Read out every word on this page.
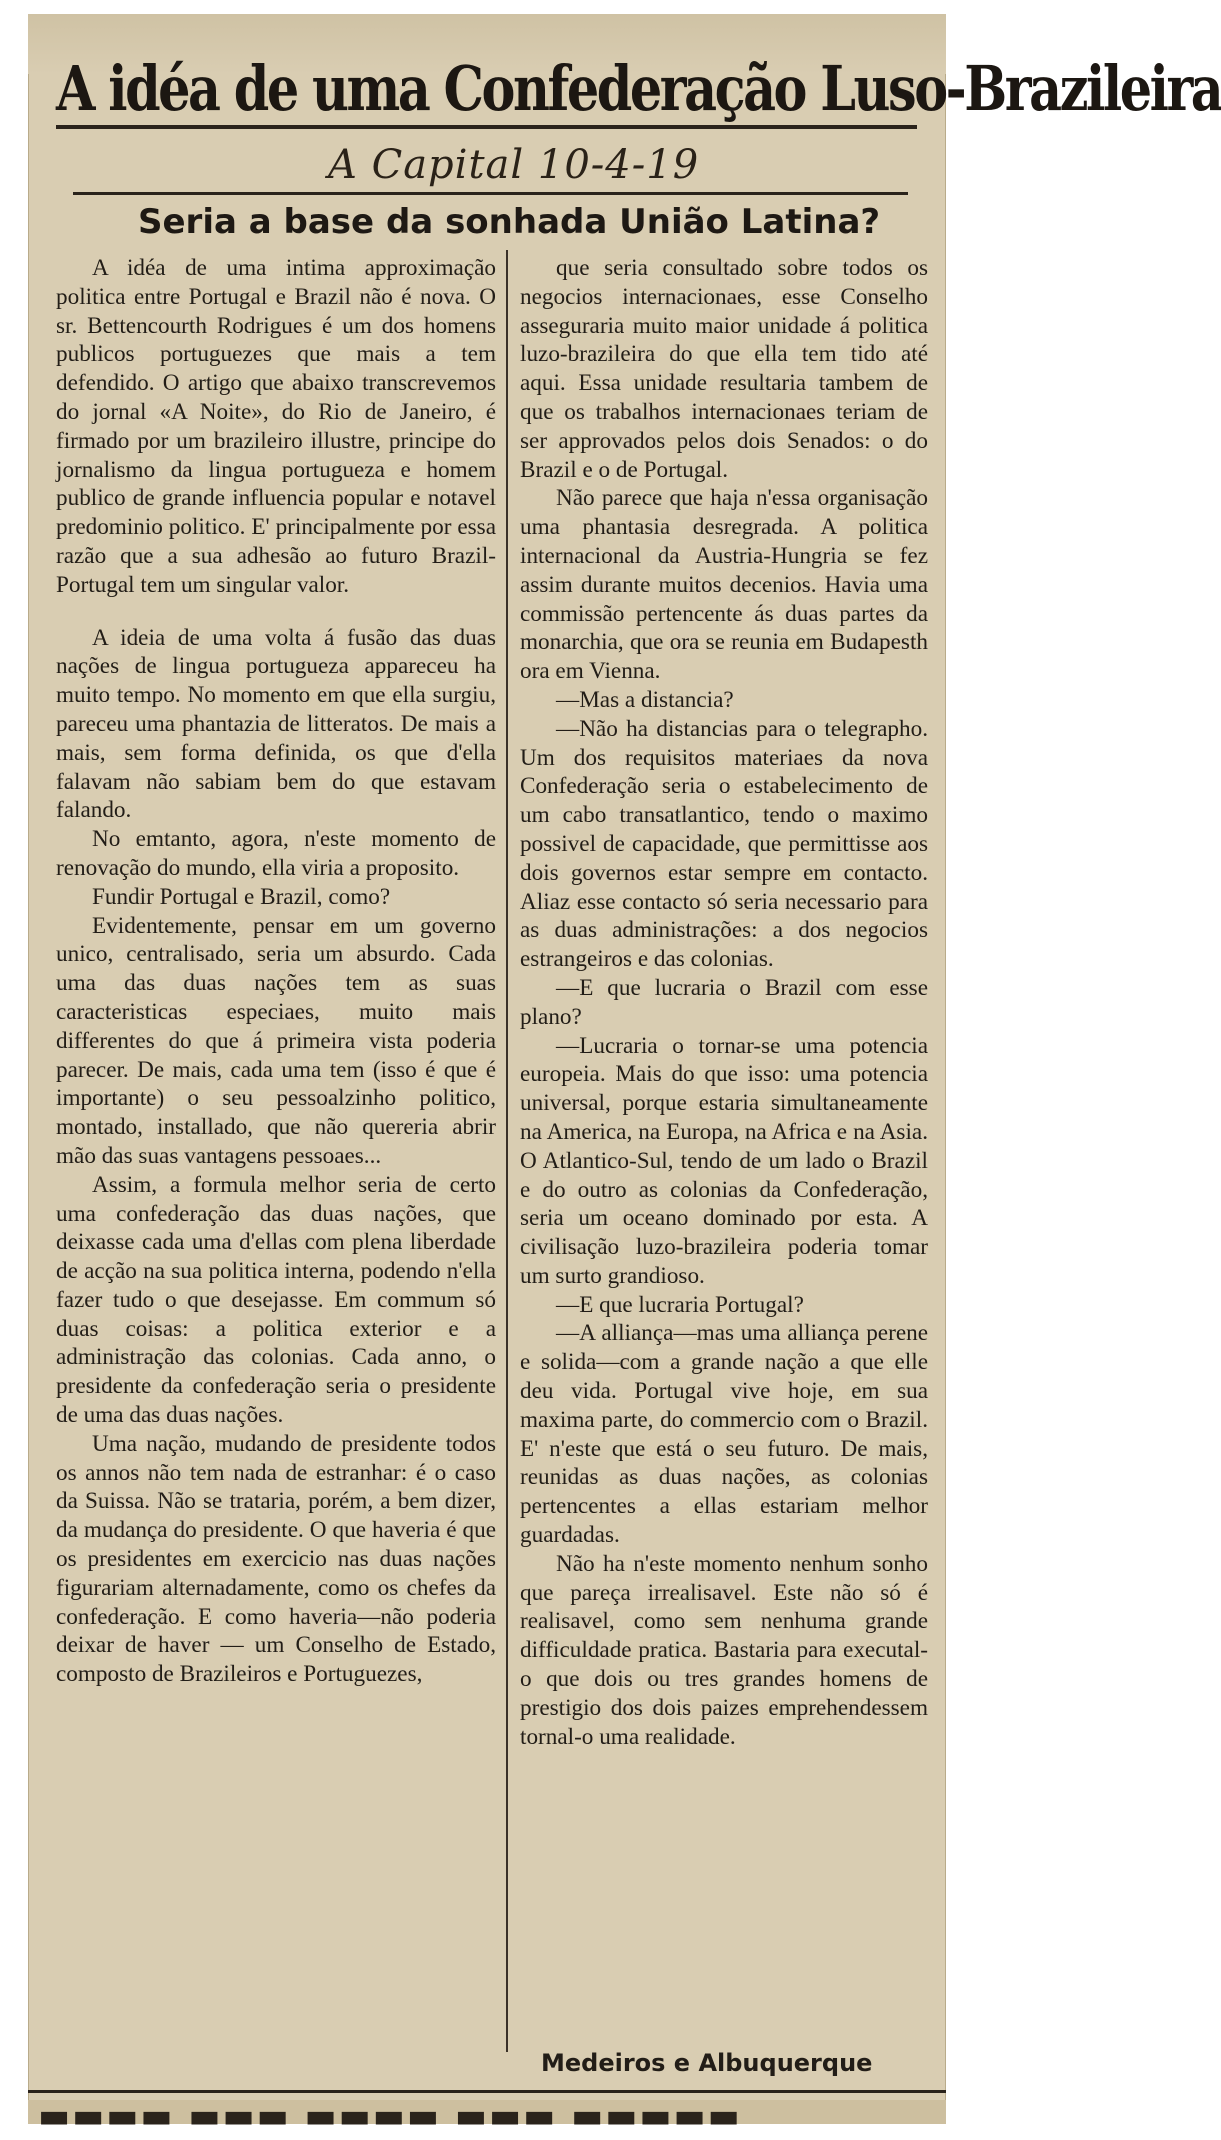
A idéa de uma Confederação Luso-Brazileira
A Capital 10-4-19
Seria a base da sonhada União Latina?

A idéa de uma intima approximação politica entre Portugal e Brazil não é nova. O sr. Bettencourth Rodrigues é um dos homens publicos portuguezes que mais a tem defendido. O artigo que abaixo transcrevemos do jornal «A Noite», do Rio de Janeiro, é firmado por um brazileiro illustre, principe do jornalismo da lingua portugueza e homem publico de grande influencia popular e notavel predominio politico. E' principalmente por essa razão que a sua adhesão ao futuro Brazil-Portugal tem um singular valor.

A ideia de uma volta á fusão das duas nações de lingua portugueza appareceu ha muito tempo. No momento em que ella surgiu, pareceu uma phantazia de litteratos. De mais a mais, sem forma definida, os que d'ella falavam não sabiam bem do que estavam falando.

No emtanto, agora, n'este momento de renovação do mundo, ella viria a proposito.

Fundir Portugal e Brazil, como?

Evidentemente, pensar em um governo unico, centralisado, seria um absurdo. Cada uma das duas nações tem as suas caracteristicas especiaes, muito mais differentes do que á primeira vista poderia parecer. De mais, cada uma tem (isso é que é importante) o seu pessoalzinho politico, montado, installado, que não quereria abrir mão das suas vantagens pessoaes...

Assim, a formula melhor seria de certo uma confederação das duas nações, que deixasse cada uma d'ellas com plena liberdade de acção na sua politica interna, podendo n'ella fazer tudo o que desejasse. Em commum só duas coisas: a politica exterior e a administração das colonias. Cada anno, o presidente da confederação seria o presidente de uma das duas nações.

Uma nação, mudando de presidente todos os annos não tem nada de estranhar: é o caso da Suissa. Não se trataria, porém, a bem dizer, da mudança do presidente. O que haveria é que os presidentes em exercicio nas duas nações figurariam alternadamente, como os chefes da confederação. E como haveria—não poderia deixar de haver — um Conselho de Estado, composto de Brazileiros e Portuguezes,

que seria consultado sobre todos os negocios internacionaes, esse Conselho asseguraria muito maior unidade á politica luzo-brazileira do que ella tem tido até aqui. Essa unidade resultaria tambem de que os trabalhos internacionaes teriam de ser approvados pelos dois Senados: o do Brazil e o de Portugal.

Não parece que haja n'essa organisação uma phantasia desregrada. A politica internacional da Austria-Hungria se fez assim durante muitos decenios. Havia uma commissão pertencente ás duas partes da monarchia, que ora se reunia em Budapesth ora em Vienna.

—Mas a distancia?

—Não ha distancias para o telegrapho. Um dos requisitos materiaes da nova Confederação seria o estabelecimento de um cabo transatlantico, tendo o maximo possivel de capacidade, que permittisse aos dois governos estar sempre em contacto. Aliaz esse contacto só seria necessario para as duas administrações: a dos negocios estrangeiros e das colonias.

—E que lucraria o Brazil com esse plano?

—Lucraria o tornar-se uma potencia europeia. Mais do que isso: uma potencia universal, porque estaria simultaneamente na America, na Europa, na Africa e na Asia. O Atlantico-Sul, tendo de um lado o Brazil e do outro as colonias da Confederação, seria um oceano dominado por esta. A civilisação luzo-brazileira poderia tomar um surto grandioso.

—E que lucraria Portugal?

—A alliança—mas uma alliança perene e solida—com a grande nação a que elle deu vida. Portugal vive hoje, em sua maxima parte, do commercio com o Brazil. E' n'este que está o seu futuro. De mais, reunidas as duas nações, as colonias pertencentes a ellas estariam melhor guardadas.

Não ha n'este momento nenhum sonho que pareça irrealisavel. Este não só é realisavel, como sem nenhuma grande difficuldade pratica. Bastaria para executal-o que dois ou tres grandes homens de prestigio dos dois paizes emprehendessem tornal-o uma realidade.

Medeiros e Albuquerque
▬▬▬▬ ▬▬▬ ▬▬▬▬ ▬▬▬ ▬▬▬▬▬
